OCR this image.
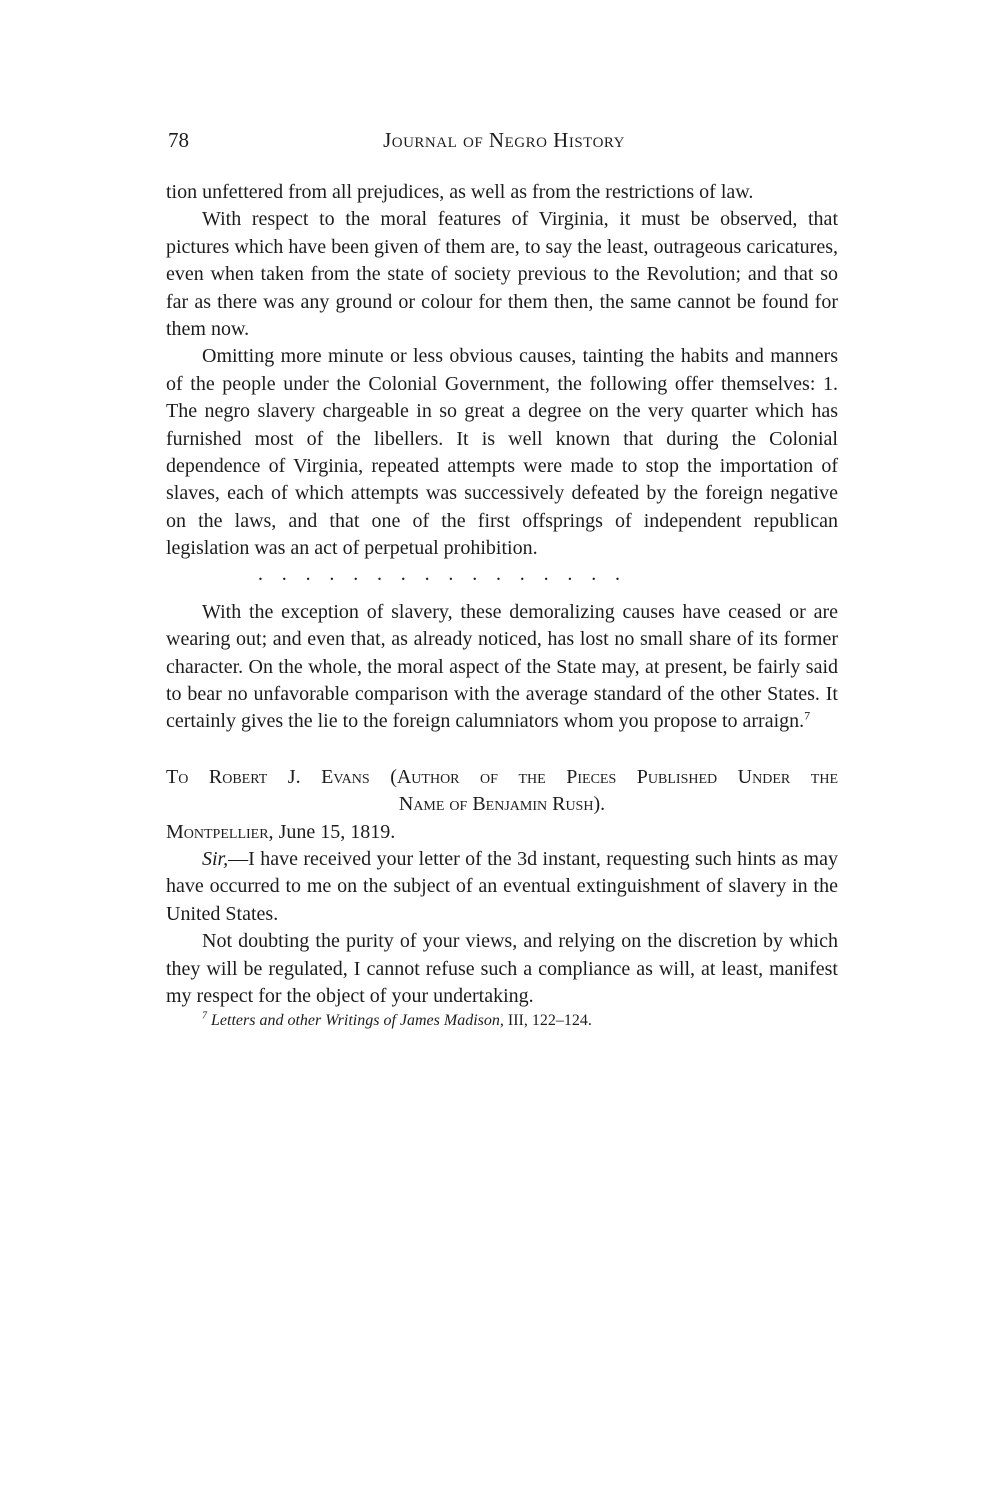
78	Journal of Negro History

tion unfettered from all prejudices, as well as from the restrictions of law.

With respect to the moral features of Virginia, it must be observed, that pictures which have been given of them are, to say the least, outrageous caricatures, even when taken from the state of society previous to the Revolution; and that so far as there was any ground or colour for them then, the same cannot be found for them now.

Omitting more minute or less obvious causes, tainting the habits and manners of the people under the Colonial Government, the following offer themselves: 1. The negro slavery chargeable in so great a degree on the very quarter which has furnished most of the libellers. It is well known that during the Colonial dependence of Virginia, repeated attempts were made to stop the importation of slaves, each of which attempts was successively defeated by the foreign negative on the laws, and that one of the first offsprings of independent republican legislation was an act of perpetual prohibition.

................

With the exception of slavery, these demoralizing causes have ceased or are wearing out; and even that, as already noticed, has lost no small share of its former character. On the whole, the moral aspect of the State may, at present, be fairly said to bear no unfavorable comparison with the average standard of the other States. It certainly gives the lie to the foreign calumniators whom you propose to arraign.$^7$

To Robert J. Evans (Author of the Pieces Published Under the
Name of Benjamin Rush).

Montpellier, June 15, 1819.

Sir,—I have received your letter of the 3d instant, requesting such hints as may have occurred to me on the subject of an eventual extinguishment of slavery in the United States.

Not doubting the purity of your views, and relying on the discretion by which they will be regulated, I cannot refuse such a compliance as will, at least, manifest my respect for the object of your undertaking.

$^7$ Letters and other Writings of James Madison, III, 122–124.
